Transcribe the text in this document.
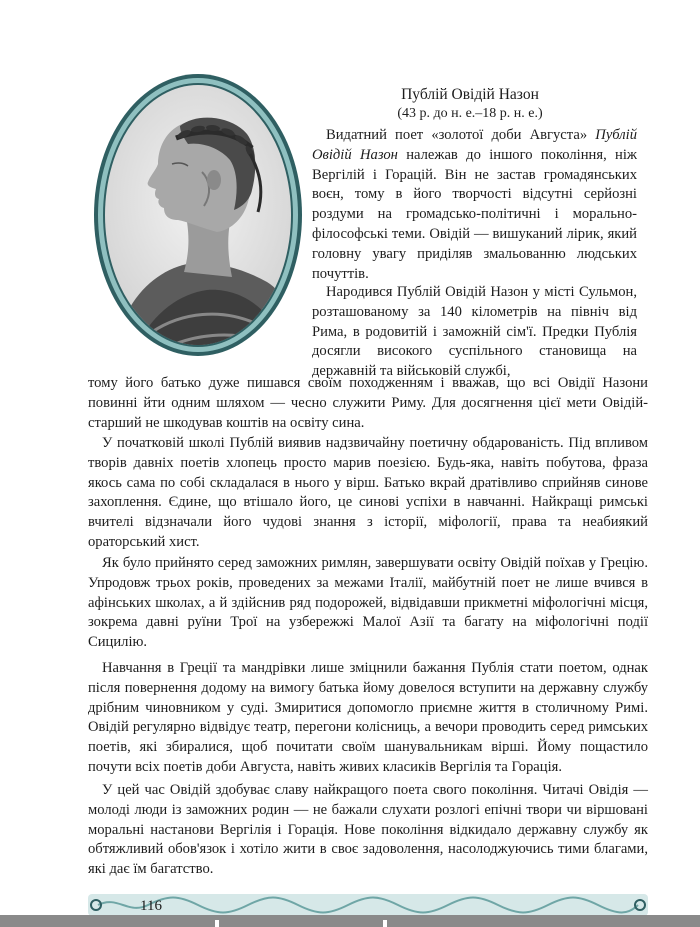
Публій Овідій Назон
(43 р. до н. е.–18 р. н. е.)

Видатний поет «золотої доби Августа» Публій Овідій Назон належав до іншого покоління, ніж Вергілій і Горацій. Він не застав громадянських воєн, тому в його творчості відсутні серйозні роздуми на громадсько-політичні і морально-філософські теми. Овідій — вишуканий лірик, який головну увагу приділяв змальованню людських почуттів.

Народився Публій Овідій Назон у місті Сульмон, розташованому за 140 кілометрів на північ від Рима, в родовитій і заможній сім'ї. Предки Публія досягли високого суспільного становища на державній та військовій службі,

тому його батько дуже пишався своїм походженням і вважав, що всі Овідії Назони повинні йти одним шляхом — чесно служити Риму. Для досягнення цієї мети Овідій-старший не шкодував коштів на освіту сина.

У початковій школі Публій виявив надзвичайну поетичну обдарованість. Під впливом творів давніх поетів хлопець просто марив поезією. Будь-яка, навіть побутова, фраза якось сама по собі складалася в нього у вірш. Батько вкрай дратівливо сприйняв синове захоплення. Єдине, що втішало його, це синові успіхи в навчанні. Найкращі римські вчителі відзначали його чудові знання з історії, міфології, права та неабиякий ораторський хист.

Як було прийнято серед заможних римлян, завершувати освіту Овідій поїхав у Грецію. Упродовж трьох років, проведених за межами Італії, майбутній поет не лише вчився в афінських школах, а й здійснив ряд подорожей, відвідавши прикметні міфологічні місця, зокрема давні руїни Трої на узбережжі Малої Азії та багату на міфологічні події Сицилію.

Навчання в Греції та мандрівки лише зміцнили бажання Публія стати поетом, однак після повернення додому на вимогу батька йому довелося вступити на державну службу дрібним чиновником у суді. Змиритися допомогло приємне життя в столичному Римі. Овідій регулярно відвідує театр, перегони колісниць, а вечори проводить серед римських поетів, які збиралися, щоб почитати своїм шанувальникам вірші. Йому пощастило почути всіх поетів доби Августа, навіть живих класиків Вергілія та Горація.

У цей час Овідій здобуває славу найкращого поета свого покоління. Читачі Овідія — молоді люди із заможних родин — не бажали слухати розлогі епічні твори чи віршовані моральні настанови Вергілія і Горація. Нове покоління відкидало державну службу як обтяжливий обов'язок і хотіло жити в своє задоволення, насолоджуючись тими благами, які дає їм багатство.

116
